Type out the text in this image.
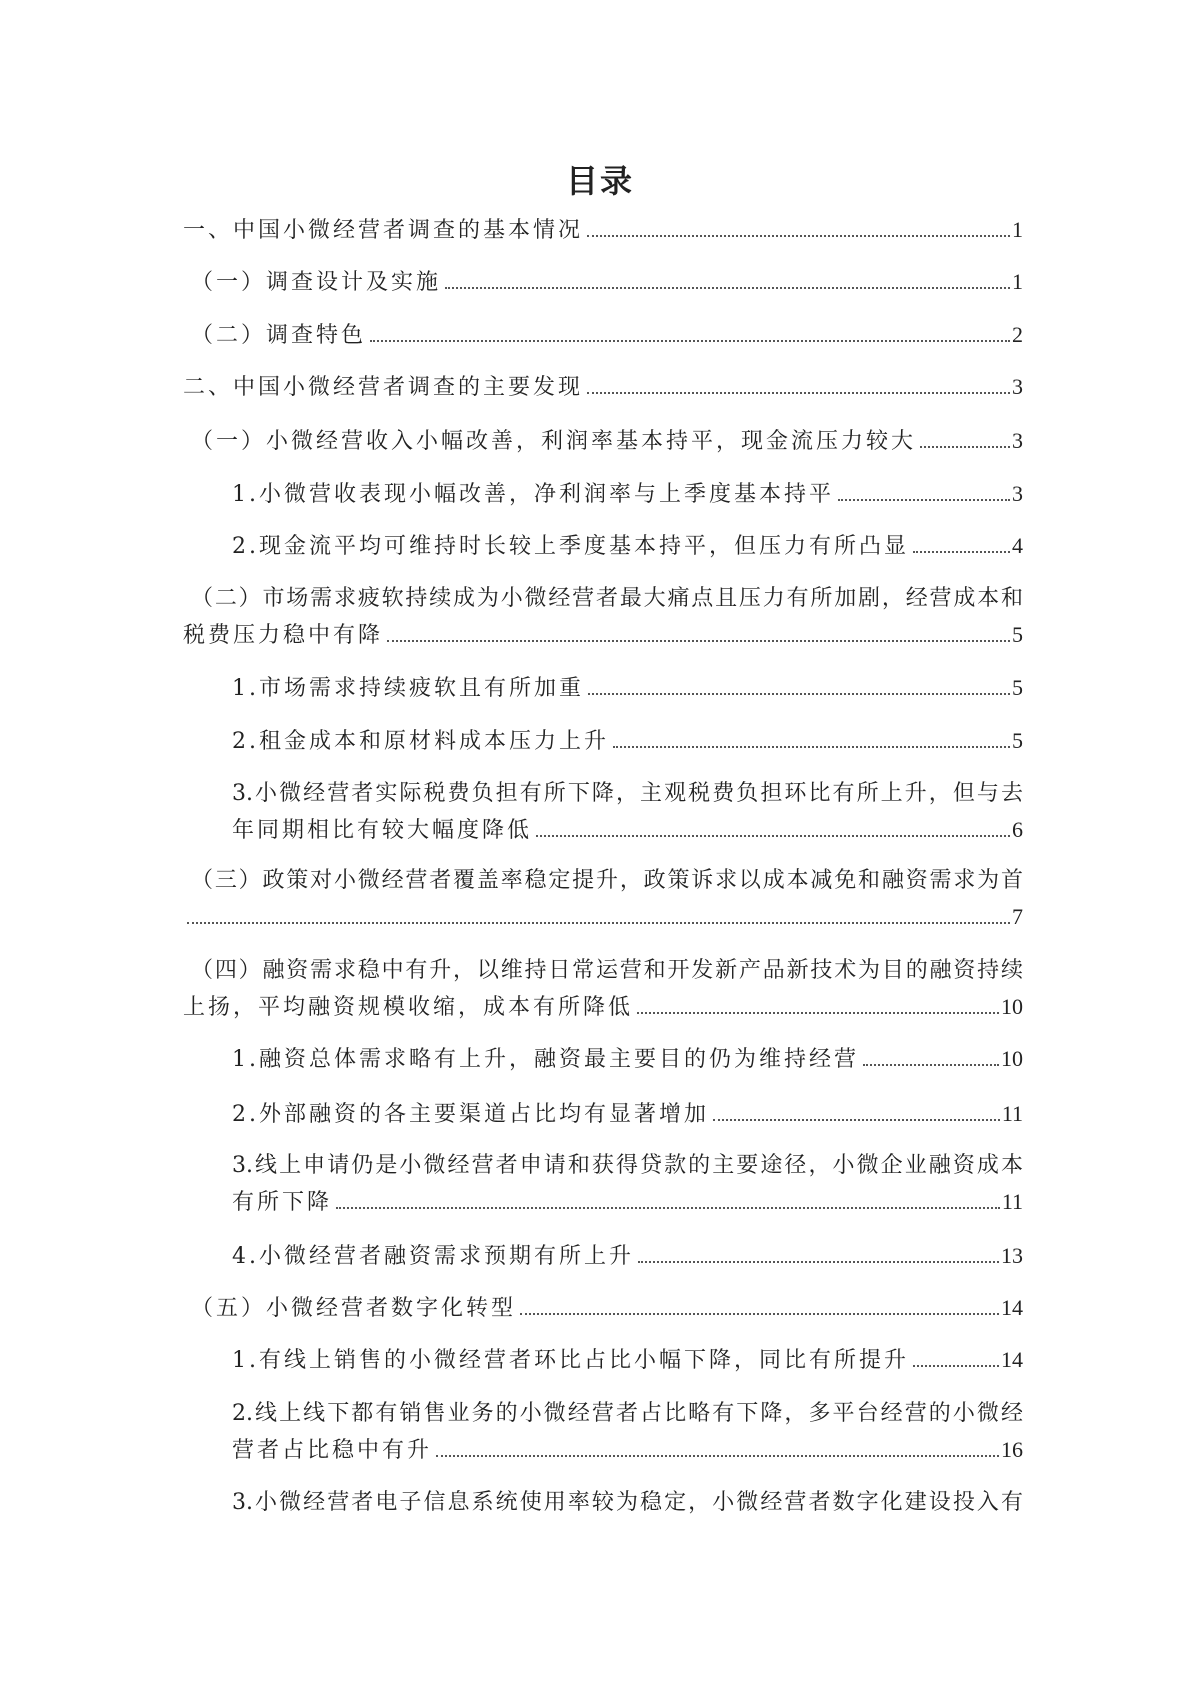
目录
一、中国小微经营者调查的基本情况	1
（一）调查设计及实施	1
（二）调查特色	2
二、中国小微经营者调查的主要发现	3
（一）小微经营收入小幅改善，利润率基本持平，现金流压力较大	3
1.小微营收表现小幅改善，净利润率与上季度基本持平	3
2.现金流平均可维持时长较上季度基本持平，但压力有所凸显	4
（二）市场需求疲软持续成为小微经营者最大痛点且压力有所加剧，经营成本和
税费压力稳中有降	5
1.市场需求持续疲软且有所加重	5
2.租金成本和原材料成本压力上升	5
3.小微经营者实际税费负担有所下降，主观税费负担环比有所上升，但与去
年同期相比有较大幅度降低	6
（三）政策对小微经营者覆盖率稳定提升，政策诉求以成本减免和融资需求为首
7
（四）融资需求稳中有升，以维持日常运营和开发新产品新技术为目的融资持续
上扬，平均融资规模收缩，成本有所降低	10
1.融资总体需求略有上升，融资最主要目的仍为维持经营	10
2.外部融资的各主要渠道占比均有显著增加	11
3.线上申请仍是小微经营者申请和获得贷款的主要途径，小微企业融资成本
有所下降	11
4.小微经营者融资需求预期有所上升	13
（五）小微经营者数字化转型	14
1.有线上销售的小微经营者环比占比小幅下降，同比有所提升	14
2.线上线下都有销售业务的小微经营者占比略有下降，多平台经营的小微经
营者占比稳中有升	16
3.小微经营者电子信息系统使用率较为稳定，小微经营者数字化建设投入有
